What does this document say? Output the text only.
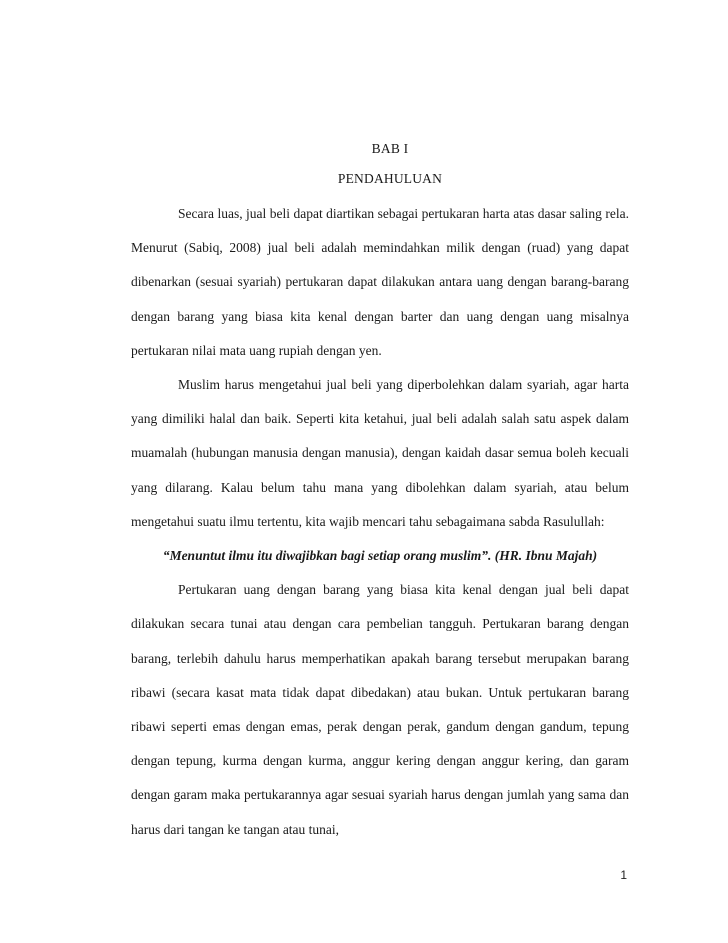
BAB I
PENDAHULUAN

Secara luas, jual beli dapat diartikan sebagai pertukaran harta atas dasar saling rela. Menurut (Sabiq, 2008) jual beli adalah memindahkan milik dengan (ruad) yang dapat dibenarkan (sesuai syariah) pertukaran dapat dilakukan antara uang dengan barang-barang dengan barang yang biasa kita kenal dengan barter dan uang dengan uang misalnya pertukaran nilai mata uang rupiah dengan yen.

Muslim harus mengetahui jual beli yang diperbolehkan dalam syariah, agar harta yang dimiliki halal dan baik. Seperti kita ketahui, jual beli adalah salah satu aspek dalam muamalah (hubungan manusia dengan manusia), dengan kaidah dasar semua boleh kecuali yang dilarang. Kalau belum tahu mana yang dibolehkan dalam syariah, atau belum mengetahui suatu ilmu tertentu, kita wajib mencari tahu sebagaimana sabda Rasulullah:

“Menuntut ilmu itu diwajibkan bagi setiap orang muslim”. (HR. Ibnu Majah)

Pertukaran uang dengan barang yang biasa kita kenal dengan jual beli dapat dilakukan secara tunai atau dengan cara pembelian tangguh. Pertukaran barang dengan barang, terlebih dahulu harus memperhatikan apakah barang tersebut merupakan barang ribawi (secara kasat mata tidak dapat dibedakan) atau bukan. Untuk pertukaran barang ribawi seperti emas dengan emas, perak dengan perak, gandum dengan gandum, tepung dengan tepung, kurma dengan kurma, anggur kering dengan anggur kering, dan garam dengan garam maka pertukarannya agar sesuai syariah harus dengan jumlah yang sama dan harus dari tangan ke tangan atau tunai,

1
